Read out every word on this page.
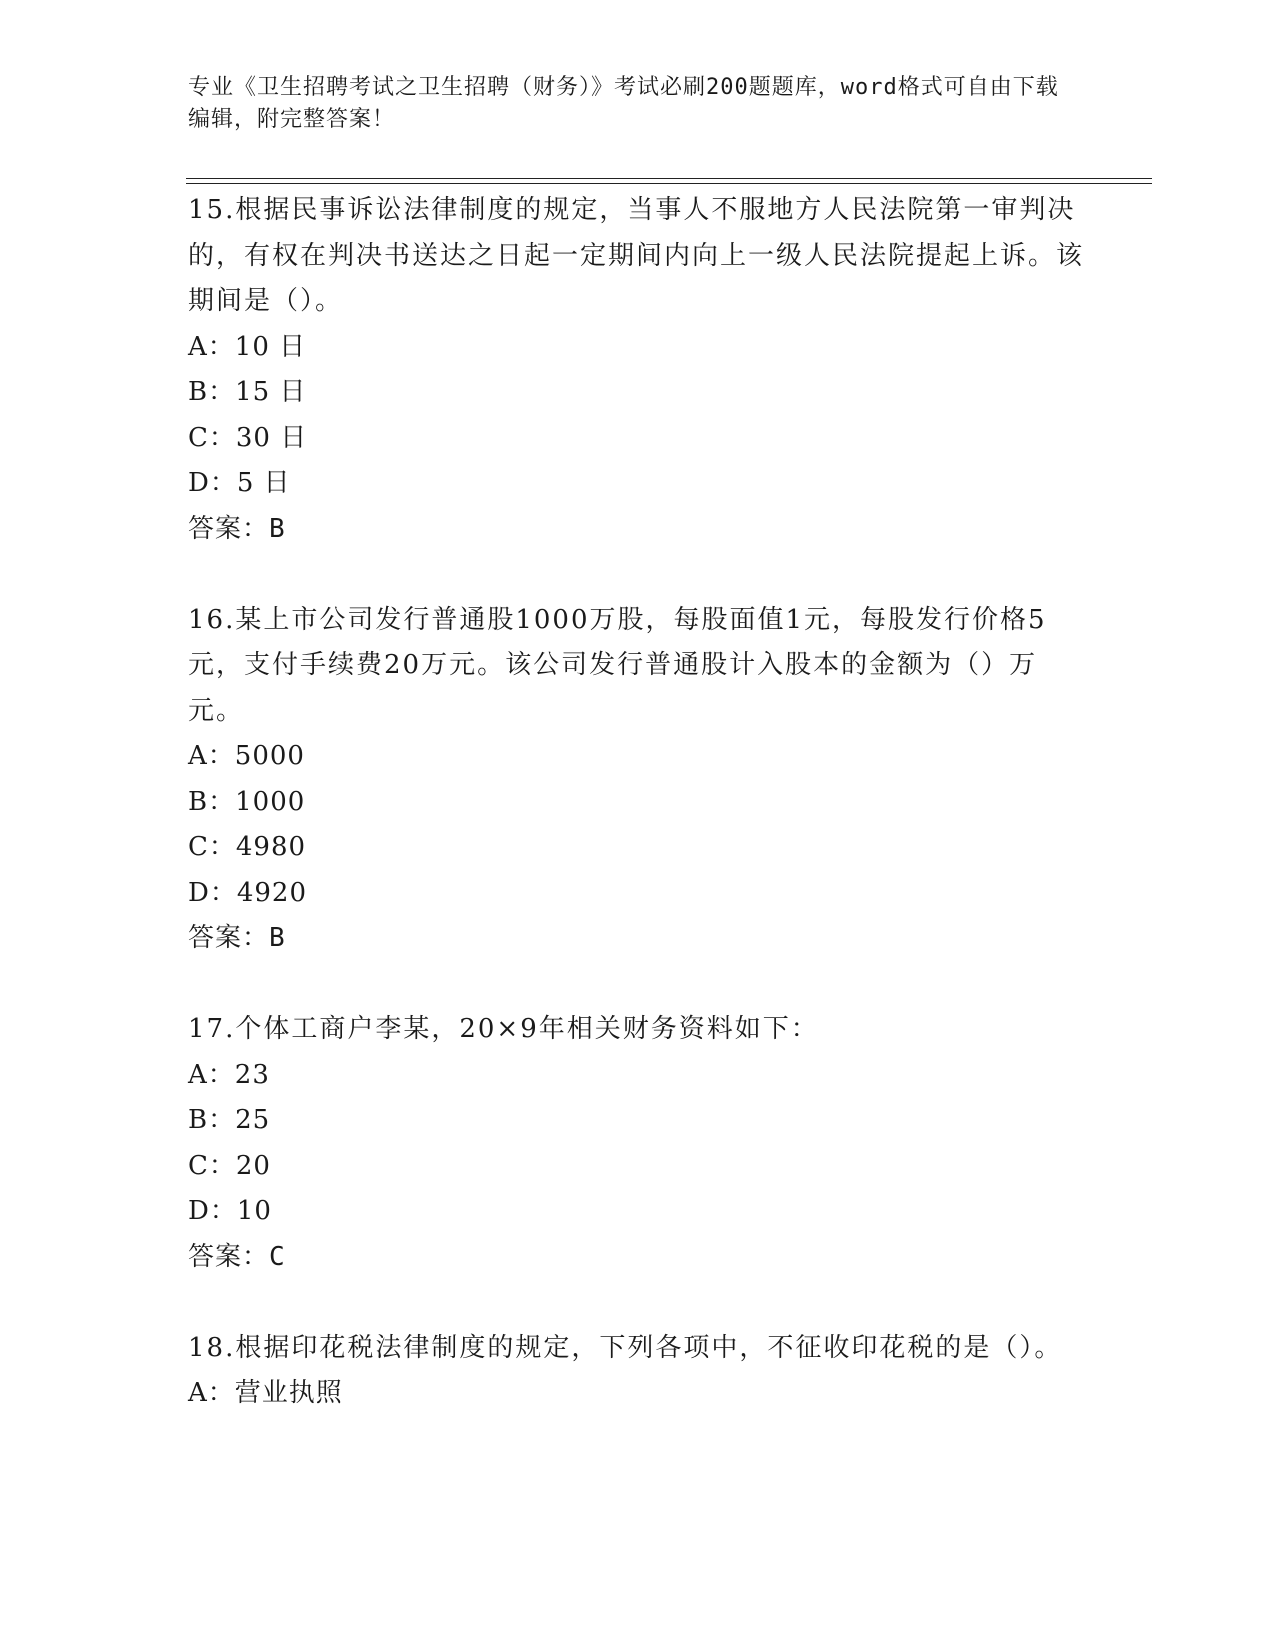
专业《卫生招聘考试之卫生招聘（财务）》考试必刷200题题库，word格式可自由下载编辑，附完整答案！

15.根据民事诉讼法律制度的规定，当事人不服地方人民法院第一审判决的，有权在判决书送达之日起一定期间内向上一级人民法院提起上诉。该期间是（）。

A：10 日

B：15 日

C：30 日

D：5 日

答案：B

16.某上市公司发行普通股1000万股，每股面值1元，每股发行价格5元，支付手续费20万元。该公司发行普通股计入股本的金额为（）万元。

A：5000

B：1000

C：4980

D：4920

答案：B

17.个体工商户李某，20×9年相关财务资料如下：

A：23

B：25

C：20

D：10

答案：C

18.根据印花税法律制度的规定，下列各项中，不征收印花税的是（）。

A：营业执照
